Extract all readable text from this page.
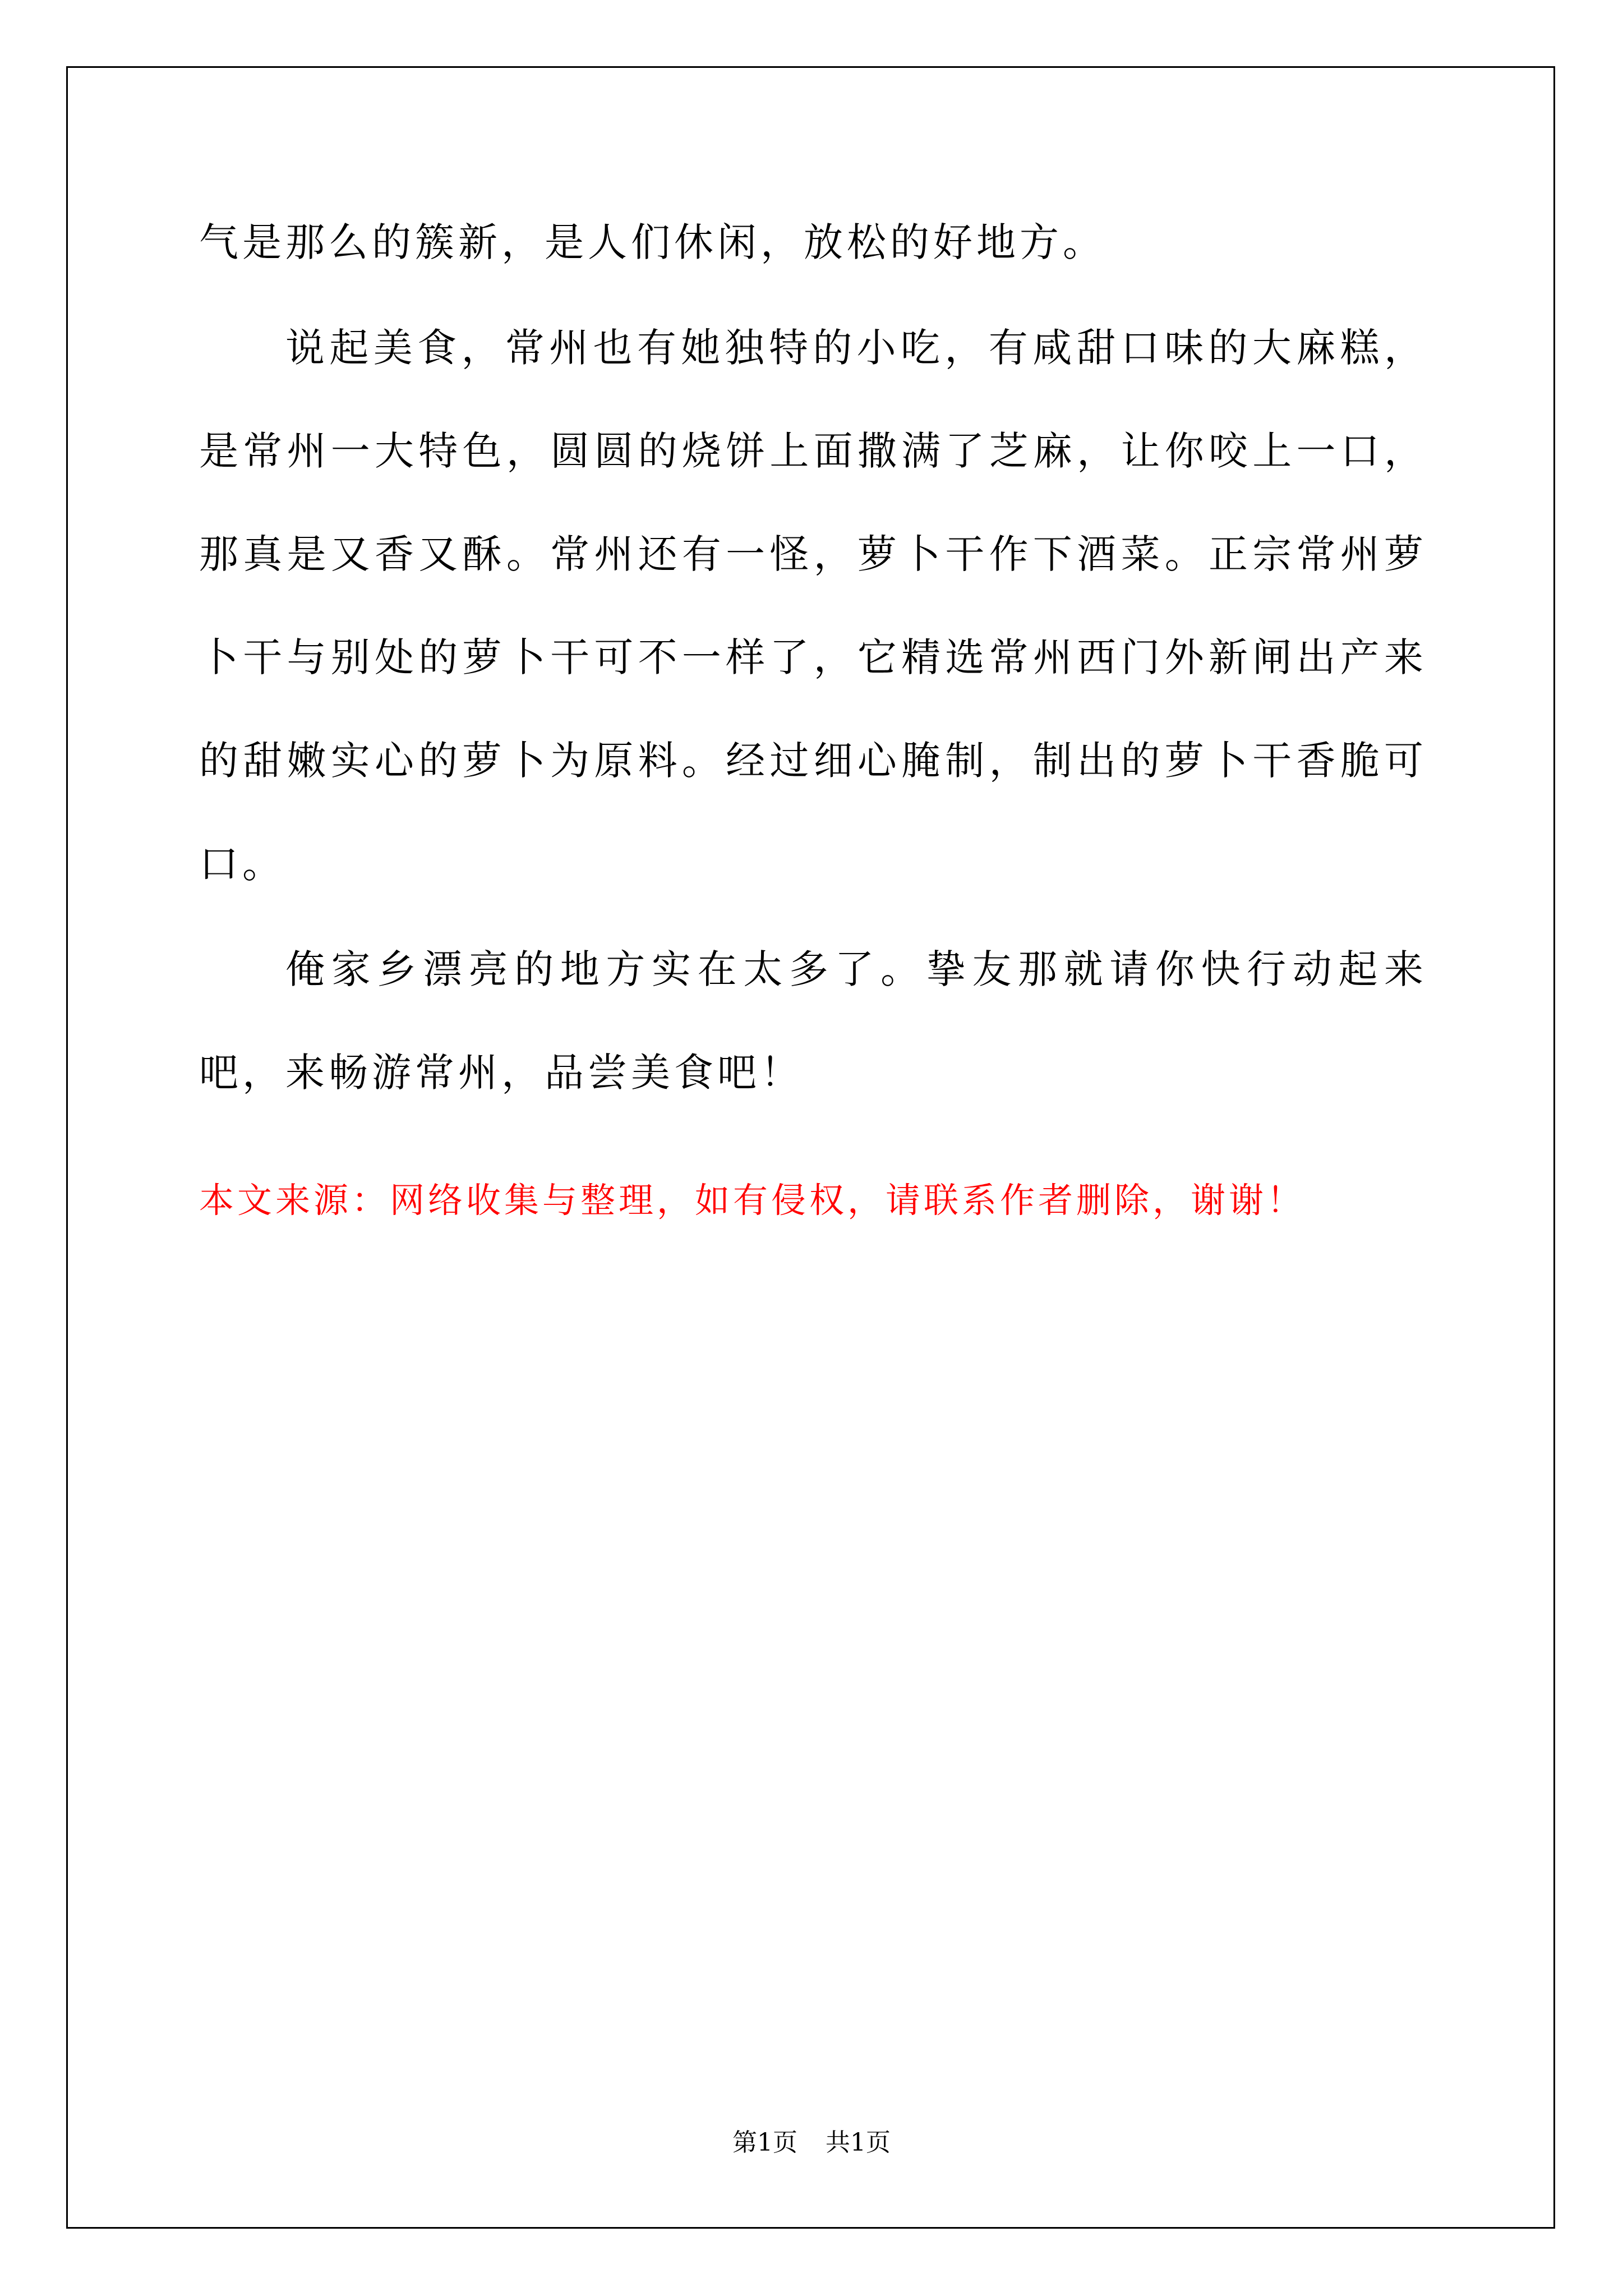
气是那么的簇新，是人们休闲，放松的好地方。

说起美食，常州也有她独特的小吃，有咸甜口味的大麻糕，是常州一大特色，圆圆的烧饼上面撒满了芝麻，让你咬上一口，那真是又香又酥。常州还有一怪，萝卜干作下酒菜。正宗常州萝卜干与别处的萝卜干可不一样了，它精选常州西门外新闸出产来的甜嫩实心的萝卜为原料。经过细心腌制，制出的萝卜干香脆可口。

俺家乡漂亮的地方实在太多了。挚友那就请你快行动起来吧，来畅游常州，品尝美食吧！

本文来源：网络收集与整理，如有侵权，请联系作者删除，谢谢！

第1页 共1页
